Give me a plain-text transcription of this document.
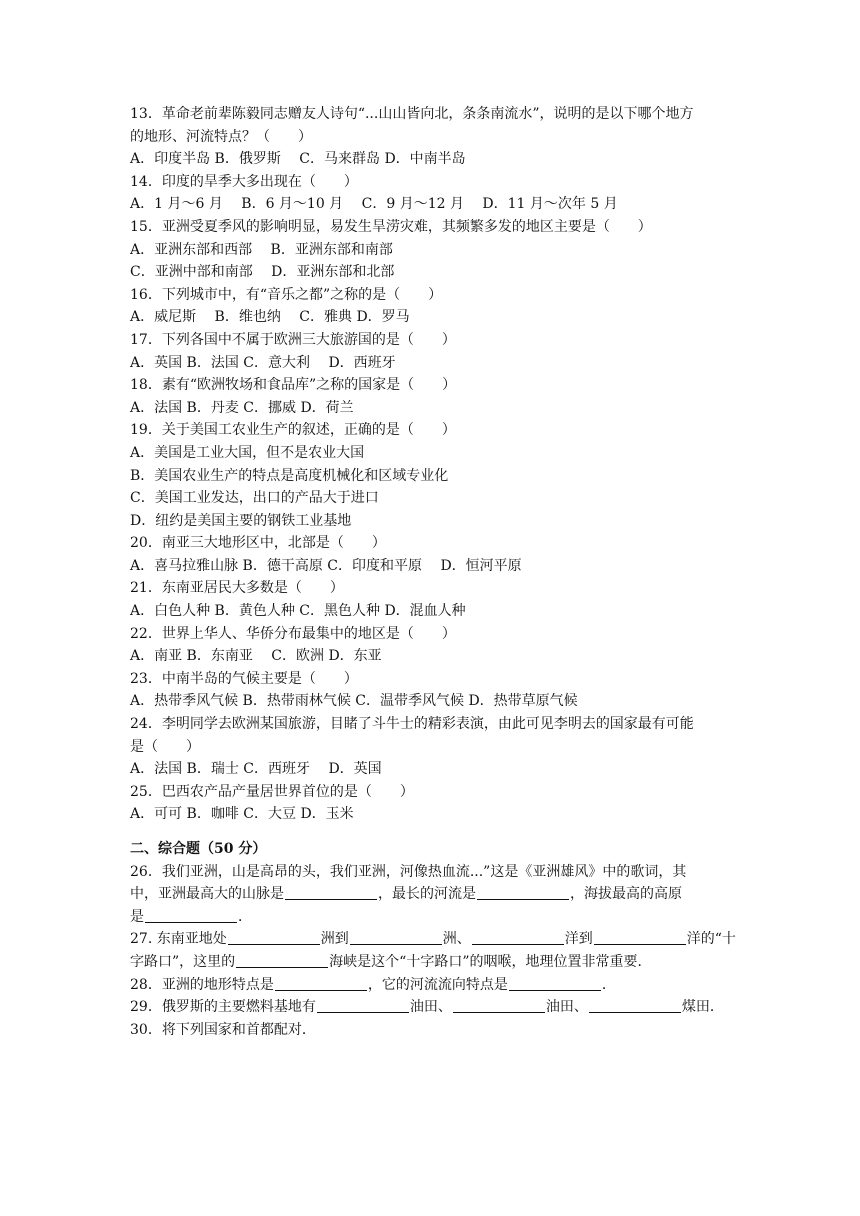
13．革命老前辈陈毅同志赠友人诗句“...山山皆向北，条条南流水”，说明的是以下哪个地方
的地形、河流特点？（　　）
A．印度半岛 B．俄罗斯　 C．马来群岛 D．中南半岛
14．印度的旱季大多出现在（　　）
A．1 月～6 月　 B．6 月～10 月　 C．9 月～12 月　 D．11 月～次年 5 月
15．亚洲受夏季风的影响明显，易发生旱涝灾难，其频繁多发的地区主要是（　　）
A．亚洲东部和西部　 B．亚洲东部和南部
C．亚洲中部和南部　 D．亚洲东部和北部
16．下列城市中，有“音乐之都”之称的是（　　）
A．威尼斯　 B．维也纳　 C．雅典 D．罗马
17．下列各国中不属于欧洲三大旅游国的是（　　）
A．英国 B．法国 C．意大利　 D．西班牙
18．素有“欧洲牧场和食品库”之称的国家是（　　）
A．法国 B．丹麦 C．挪威 D．荷兰
19．关于美国工农业生产的叙述，正确的是（　　）
A．美国是工业大国，但不是农业大国
B．美国农业生产的特点是高度机械化和区域专业化
C．美国工业发达，出口的产品大于进口
D．纽约是美国主要的钢铁工业基地
20．南亚三大地形区中，北部是（　　）
A．喜马拉雅山脉 B．德干高原 C．印度和平原　 D．恒河平原
21．东南亚居民大多数是（　　）
A．白色人种 B．黄色人种 C．黑色人种 D．混血人种
22．世界上华人、华侨分布最集中的地区是（　　）
A．南亚 B．东南亚　 C．欧洲 D．东亚
23．中南半岛的气候主要是（　　）
A．热带季风气候 B．热带雨林气候 C．温带季风气候 D．热带草原气候
24．李明同学去欧洲某国旅游，目睹了斗牛士的精彩表演，由此可见李明去的国家最有可能
是（　　）
A．法国 B．瑞士 C．西班牙　 D．英国
25．巴西农产品产量居世界首位的是（　　）
A．可可 B．咖啡 C．大豆 D．玉米
二、综合题（50 分）
26．我们亚洲，山是高昂的头，我们亚洲，河像热血流...”这是《亚洲雄风》中的歌词，其
中，亚洲最高大的山脉是	，最长的河流是	，海拔最高的高原
是	．
27. 东南亚地处	洲到	洲、	洋到	洋的“十
字路口”，这里的	海峡是这个“十字路口”的咽喉，地理位置非常重要．
28．亚洲的地形特点是	，它的河流流向特点是	．
29．俄罗斯的主要燃料基地有	油田、	油田、	煤田．
30．将下列国家和首都配对．
